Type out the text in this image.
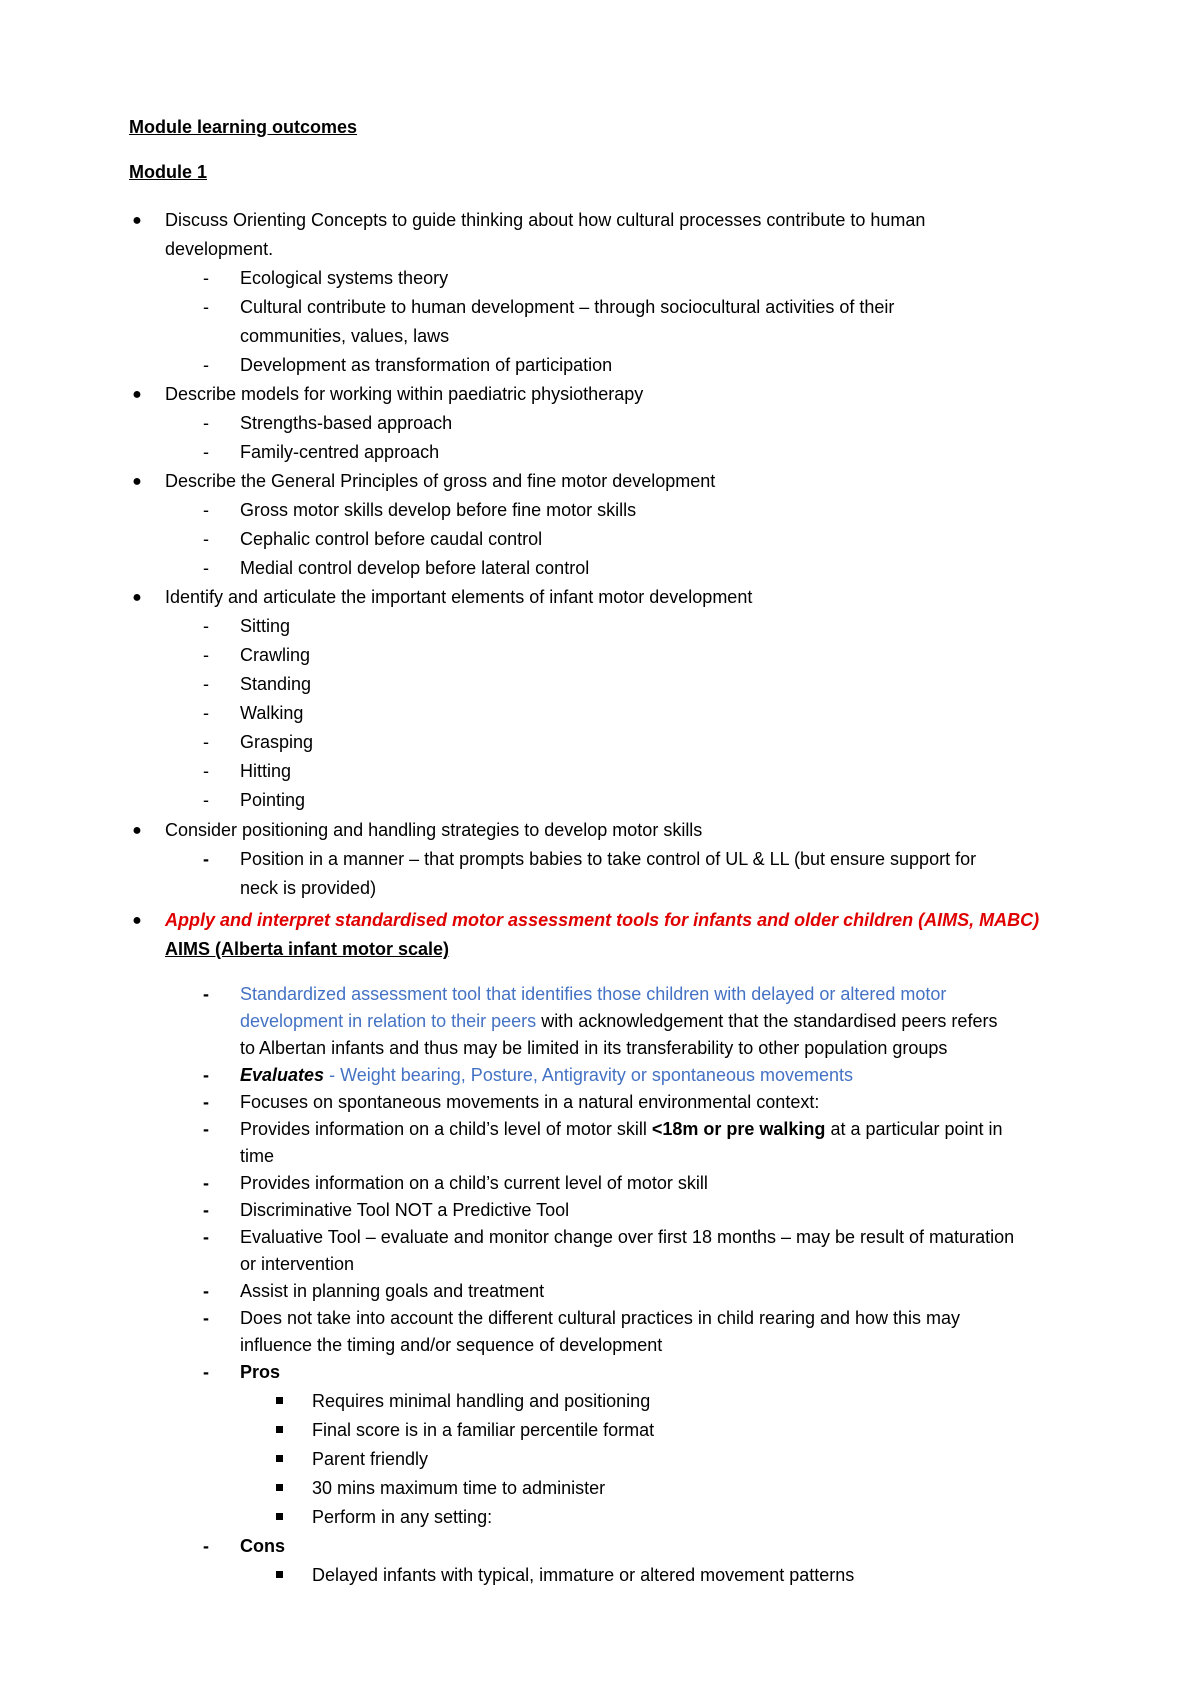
Module learning outcomes
Module 1
● Discuss Orienting Concepts to guide thinking about how cultural processes contribute to human
development.
- Ecological systems theory
- Cultural contribute to human development – through sociocultural activities of their
communities, values, laws
- Development as transformation of participation
● Describe models for working within paediatric physiotherapy
- Strengths-based approach
- Family-centred approach
● Describe the General Principles of gross and fine motor development
- Gross motor skills develop before fine motor skills
- Cephalic control before caudal control
- Medial control develop before lateral control
● Identify and articulate the important elements of infant motor development
- Sitting
- Crawling
- Standing
- Walking
- Grasping
- Hitting
- Pointing
● Consider positioning and handling strategies to develop motor skills
- Position in a manner – that prompts babies to take control of UL & LL (but ensure support for
neck is provided)
● Apply and interpret standardised motor assessment tools for infants and older children (AIMS, MABC)
AIMS (Alberta infant motor scale)
- Standardized assessment tool that identifies those children with delayed or altered motor
development in relation to their peers with acknowledgement that the standardised peers refers
to Albertan infants and thus may be limited in its transferability to other population groups
- Evaluates - Weight bearing, Posture, Antigravity or spontaneous movements
- Focuses on spontaneous movements in a natural environmental context:
- Provides information on a child’s level of motor skill <18m or pre walking at a particular point in
time
- Provides information on a child’s current level of motor skill
- Discriminative Tool NOT a Predictive Tool
- Evaluative Tool – evaluate and monitor change over first 18 months – may be result of maturation
or intervention
- Assist in planning goals and treatment
- Does not take into account the different cultural practices in child rearing and how this may
influence the timing and/or sequence of development
- Pros
Requires minimal handling and positioning
Final score is in a familiar percentile format
Parent friendly
30 mins maximum time to administer
Perform in any setting:
- Cons
Delayed infants with typical, immature or altered movement patterns
